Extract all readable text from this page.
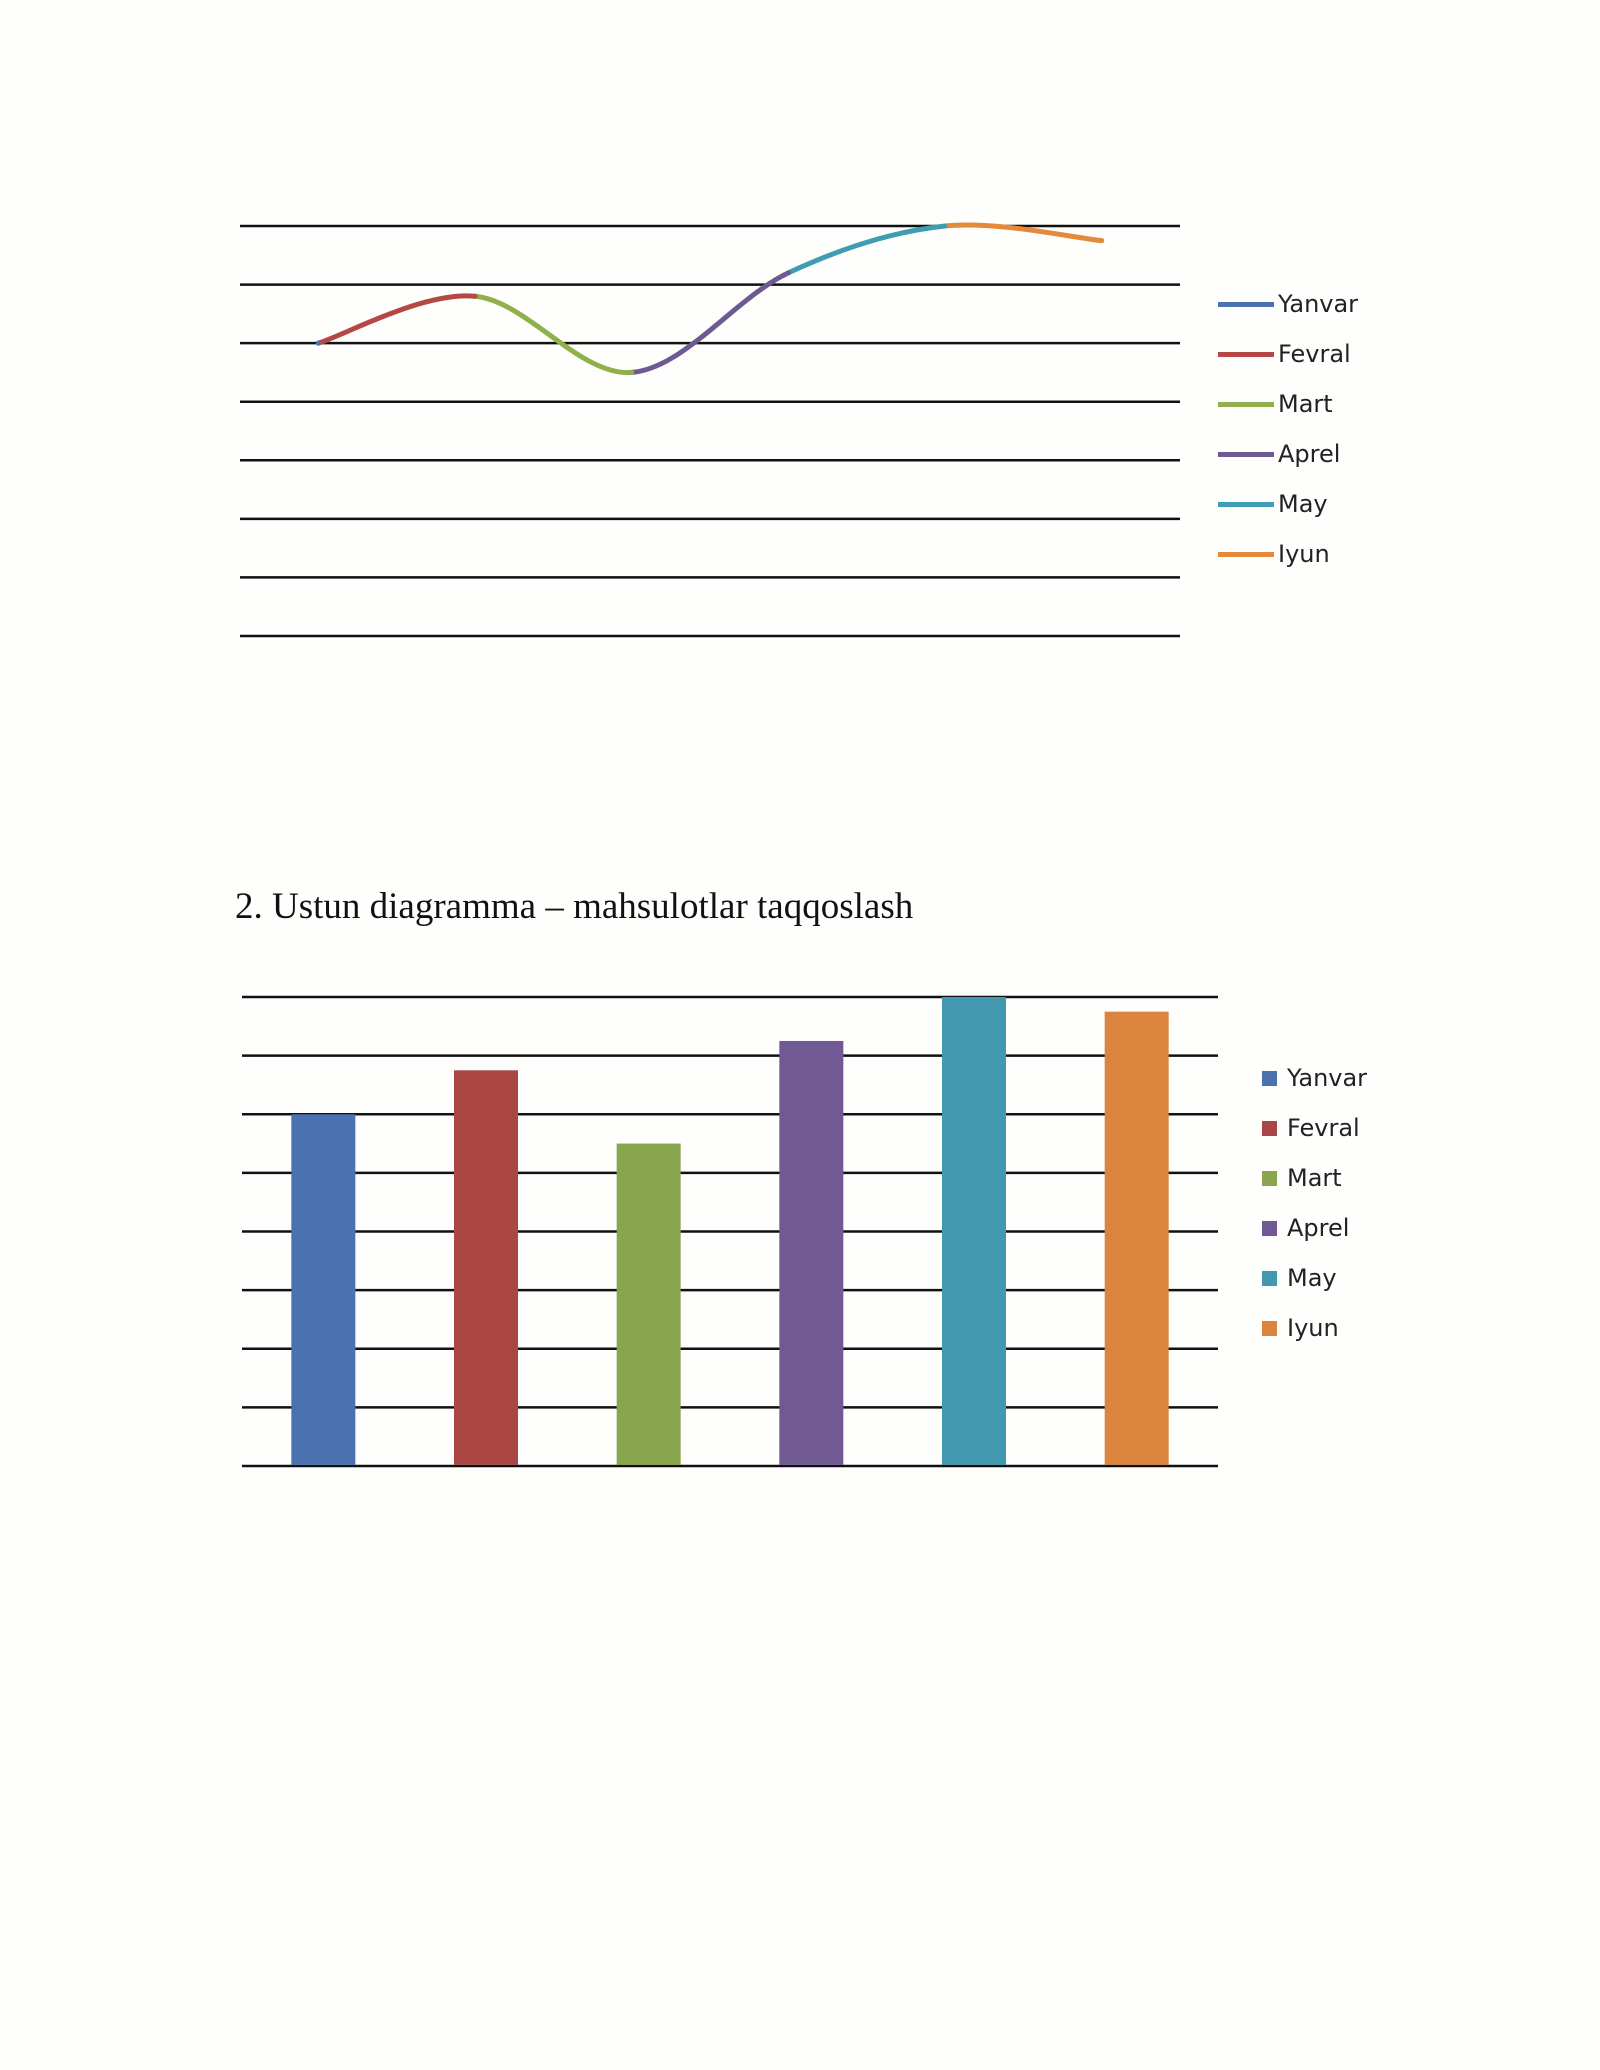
Yanvar
Fevral
Mart
Aprel
May
Iyun
2. Ustun diagramma – mahsulotlar taqqoslash
Yanvar
Fevral
Mart
Aprel
May
Iyun
